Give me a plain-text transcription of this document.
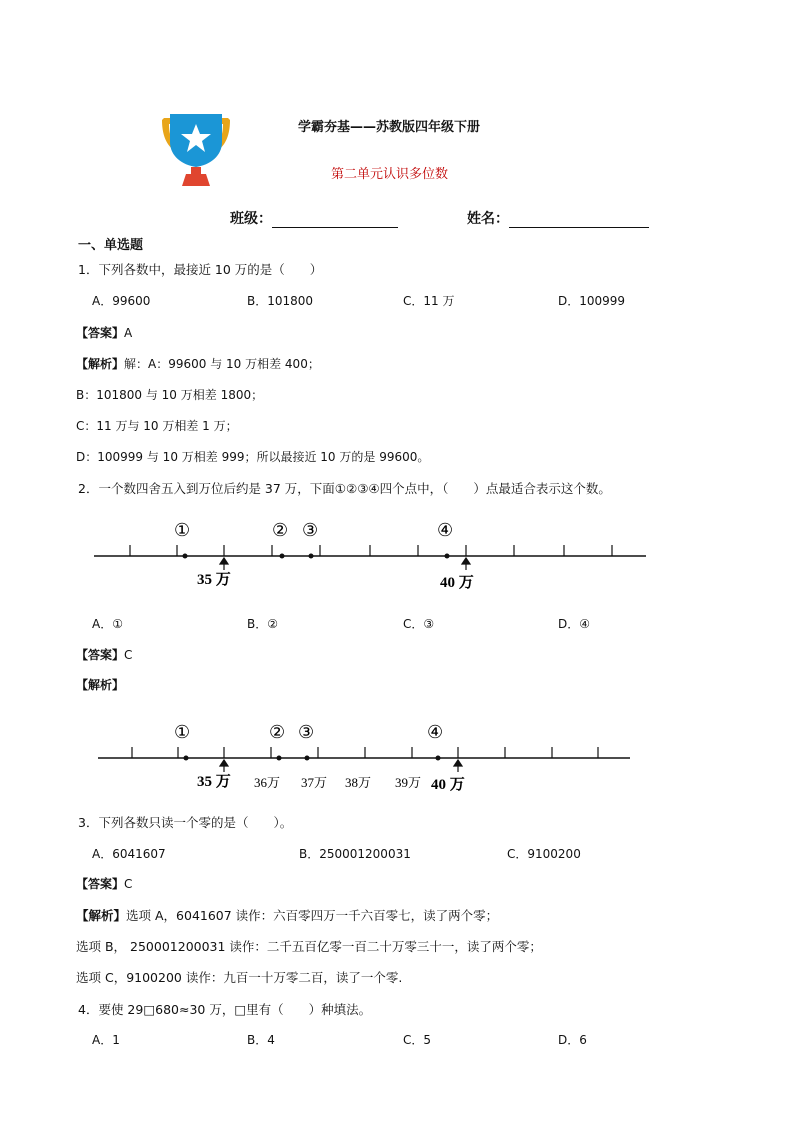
学霸夯基——苏教版四年级下册
第二单元认识多位数
班级：	姓名：
一、单选题
1．下列各数中，最接近 10 万的是（　　）
A．99600	B．101800	C．11 万	D．100999
【答案】A
【解析】解：A：99600 与 10 万相差 400；
B：101800 与 10 万相差 1800；
C：11 万与 10 万相差 1 万；
D：100999 与 10 万相差 999；所以最接近 10 万的是 99600。
2．一个数四舍五入到万位后约是 37 万，下面①②③④四个点中，（　　）点最适合表示这个数。
①	② ③	④
35 万	40 万
A．①	B．②	C．③	D．④
【答案】C
【解析】
①	② ③	④
35 万 36万 37万 38万 39万 40 万
3．下列各数只读一个零的是（　　）。
A．6041607	B．250001200031	C．9100200
【答案】C
【解析】选项 A，6041607 读作：六百零四万一千六百零七，读了两个零；
选项 B， 250001200031 读作：二千五百亿零一百二十万零三十一，读了两个零；
选项 C，9100200 读作：九百一十万零二百，读了一个零.
4．要使 29□680≈30 万，□里有（　　）种填法。
A．1	B．4	C．5	D．6
